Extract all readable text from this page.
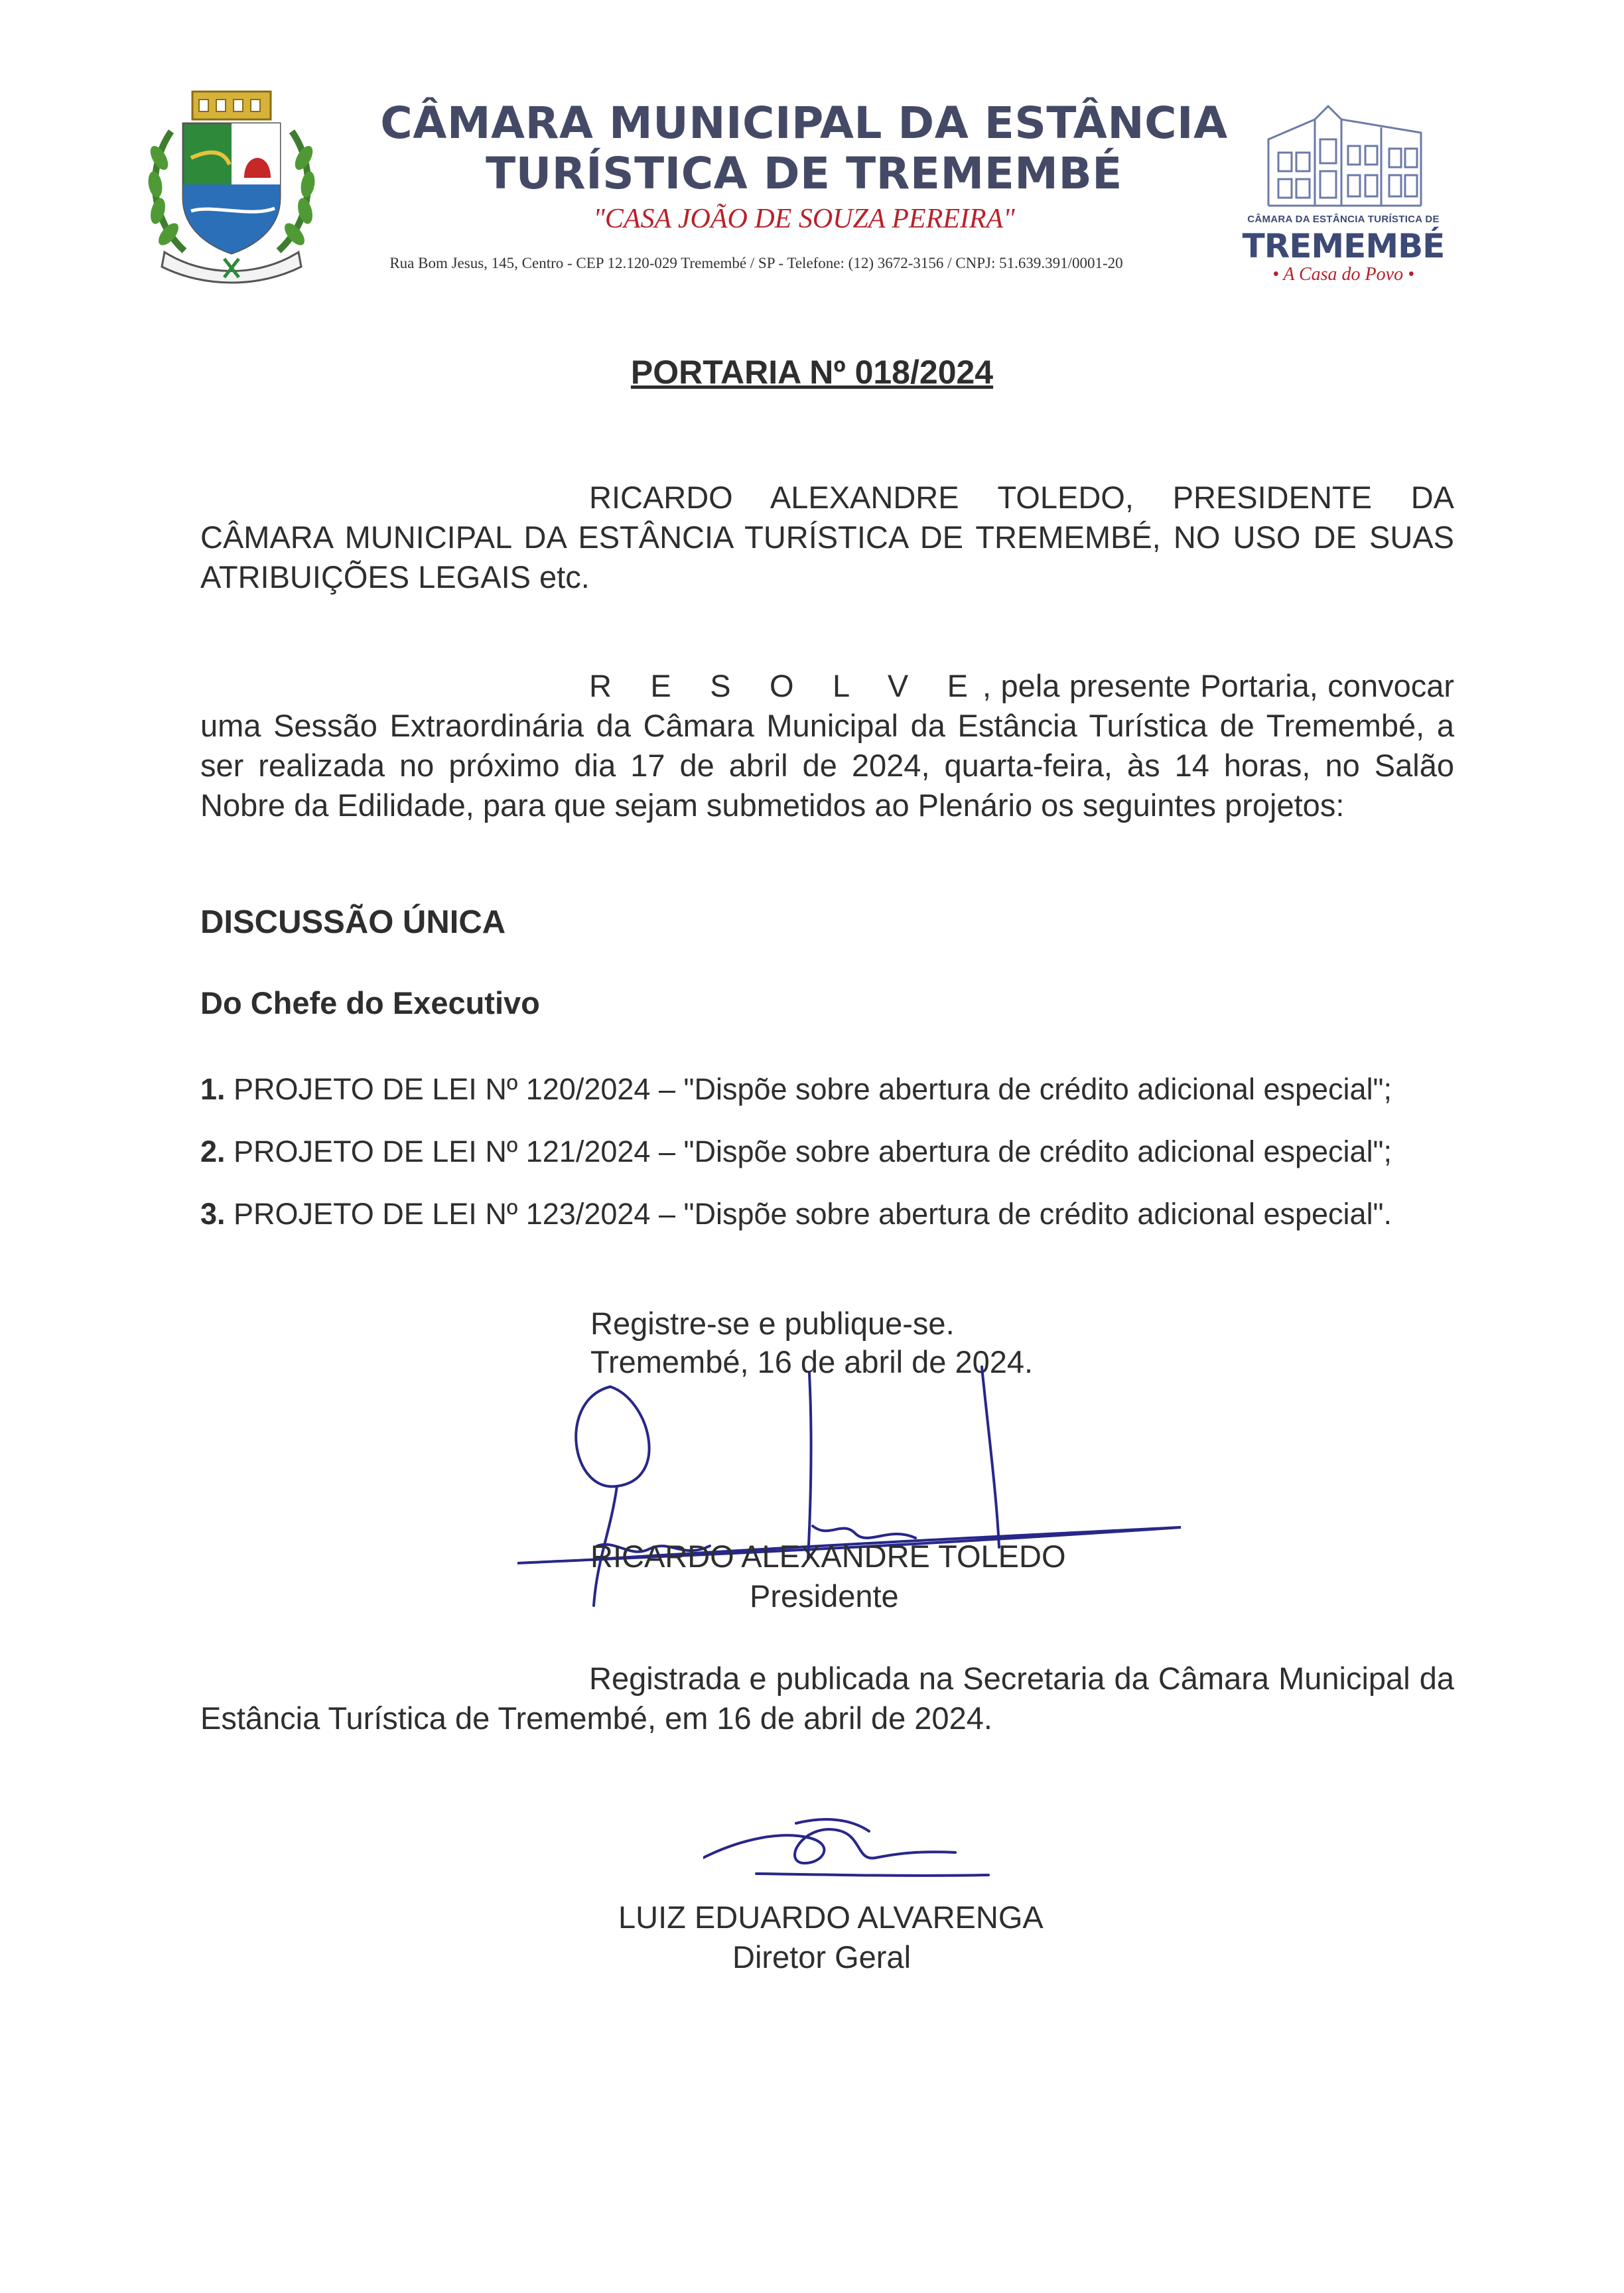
CÂMARA MUNICIPAL DA ESTÂNCIA
TURÍSTICA DE TREMEMBÉ
"CASA JOÃO DE SOUZA PEREIRA"
Rua Bom Jesus, 145, Centro - CEP 12.120-029 Tremembé / SP - Telefone: (12) 3672-3156 / CNPJ: 51.639.391/0001-20
CÂMARA DA ESTÂNCIA TURÍSTICA DE
TREMEMBÉ
• A Casa do Povo •
PORTARIA Nº 018/2024
RICARDO ALEXANDRE TOLEDO, PRESIDENTE DA CÂMARA MUNICIPAL DA ESTÂNCIA TURÍSTICA DE TREMEMBÉ, NO USO DE SUAS ATRIBUIÇÕES LEGAIS etc.
R E S O L V E, pela presente Portaria, convocar uma Sessão Extraordinária da Câmara Municipal da Estância Turística de Tremembé, a ser realizada no próximo dia 17 de abril de 2024, quarta-feira, às 14 horas, no Salão Nobre da Edilidade, para que sejam submetidos ao Plenário os seguintes projetos:
DISCUSSÃO ÚNICA
Do Chefe do Executivo
1. PROJETO DE LEI Nº 120/2024 – "Dispõe sobre abertura de crédito adicional especial";
2. PROJETO DE LEI Nº 121/2024 – "Dispõe sobre abertura de crédito adicional especial";
3. PROJETO DE LEI Nº 123/2024 – "Dispõe sobre abertura de crédito adicional especial".
Registre-se e publique-se.
Tremembé, 16 de abril de 2024.
RICARDO ALEXANDRE TOLEDO
Presidente
Registrada e publicada na Secretaria da Câmara Municipal da Estância Turística de Tremembé, em 16 de abril de 2024.
LUIZ EDUARDO ALVARENGA
Diretor Geral
